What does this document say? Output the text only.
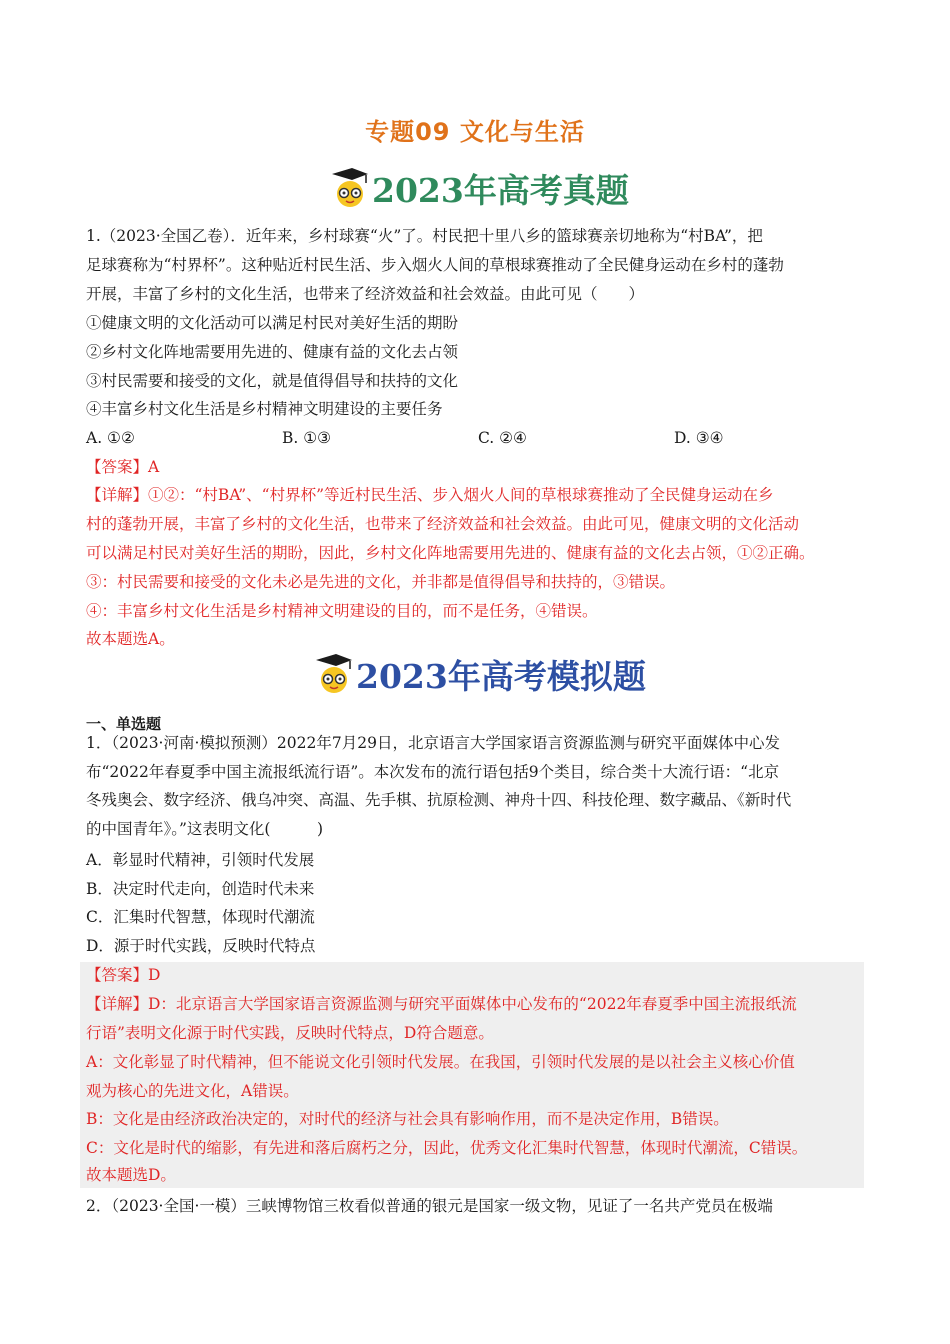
专题09 文化与生活
2023年高考真题
1.（2023·全国乙卷）．近年来，乡村球赛“火”了。村民把十里八乡的篮球赛亲切地称为“村BA”，把
足球赛称为“村界杯”。这种贴近村民生活、步入烟火人间的草根球赛推动了全民健身运动在乡村的蓬勃
开展，丰富了乡村的文化生活，也带来了经济效益和社会效益。由此可见（　　）
①健康文明的文化活动可以满足村民对美好生活的期盼
②乡村文化阵地需要用先进的、健康有益的文化去占领
③村民需要和接受的文化，就是值得倡导和扶持的文化
④丰富乡村文化生活是乡村精神文明建设的主要任务
A. ①②	B. ①③	C. ②④	D. ③④
【答案】A
【详解】①②：“村BA”、“村界杯”等近村民生活、步入烟火人间的草根球赛推动了全民健身运动在乡
村的蓬勃开展，丰富了乡村的文化生活，也带来了经济效益和社会效益。由此可见，健康文明的文化活动
可以满足村民对美好生活的期盼，因此，乡村文化阵地需要用先进的、健康有益的文化去占领，①②正确。
③：村民需要和接受的文化未必是先进的文化，并非都是值得倡导和扶持的，③错误。
④：丰富乡村文化生活是乡村精神文明建设的目的，而不是任务，④错误。
故本题选A。
2023年高考模拟题
一、单选题
1．（2023·河南·模拟预测）2022年7月29日，北京语言大学国家语言资源监测与研究平面媒体中心发
布“2022年春夏季中国主流报纸流行语”。本次发布的流行语包括9个类目，综合类十大流行语：“北京
冬残奥会、数字经济、俄乌冲突、高温、先手棋、抗原检测、神舟十四、科技伦理、数字藏品、《新时代
的中国青年》。”这表明文化(　　　)
A．彰显时代精神，引领时代发展
B．决定时代走向，创造时代未来
C．汇集时代智慧，体现时代潮流
D．源于时代实践，反映时代特点
【答案】D
【详解】D：北京语言大学国家语言资源监测与研究平面媒体中心发布的“2022年春夏季中国主流报纸流
行语”表明文化源于时代实践，反映时代特点，D符合题意。
A：文化彰显了时代精神，但不能说文化引领时代发展。在我国，引领时代发展的是以社会主义核心价值
观为核心的先进文化，A错误。
B：文化是由经济政治决定的，对时代的经济与社会具有影响作用，而不是决定作用，B错误。
C：文化是时代的缩影，有先进和落后腐朽之分，因此，优秀文化汇集时代智慧，体现时代潮流，C错误。
故本题选D。
2．（2023·全国·一模）三峡博物馆三枚看似普通的银元是国家一级文物，见证了一名共产党员在极端
